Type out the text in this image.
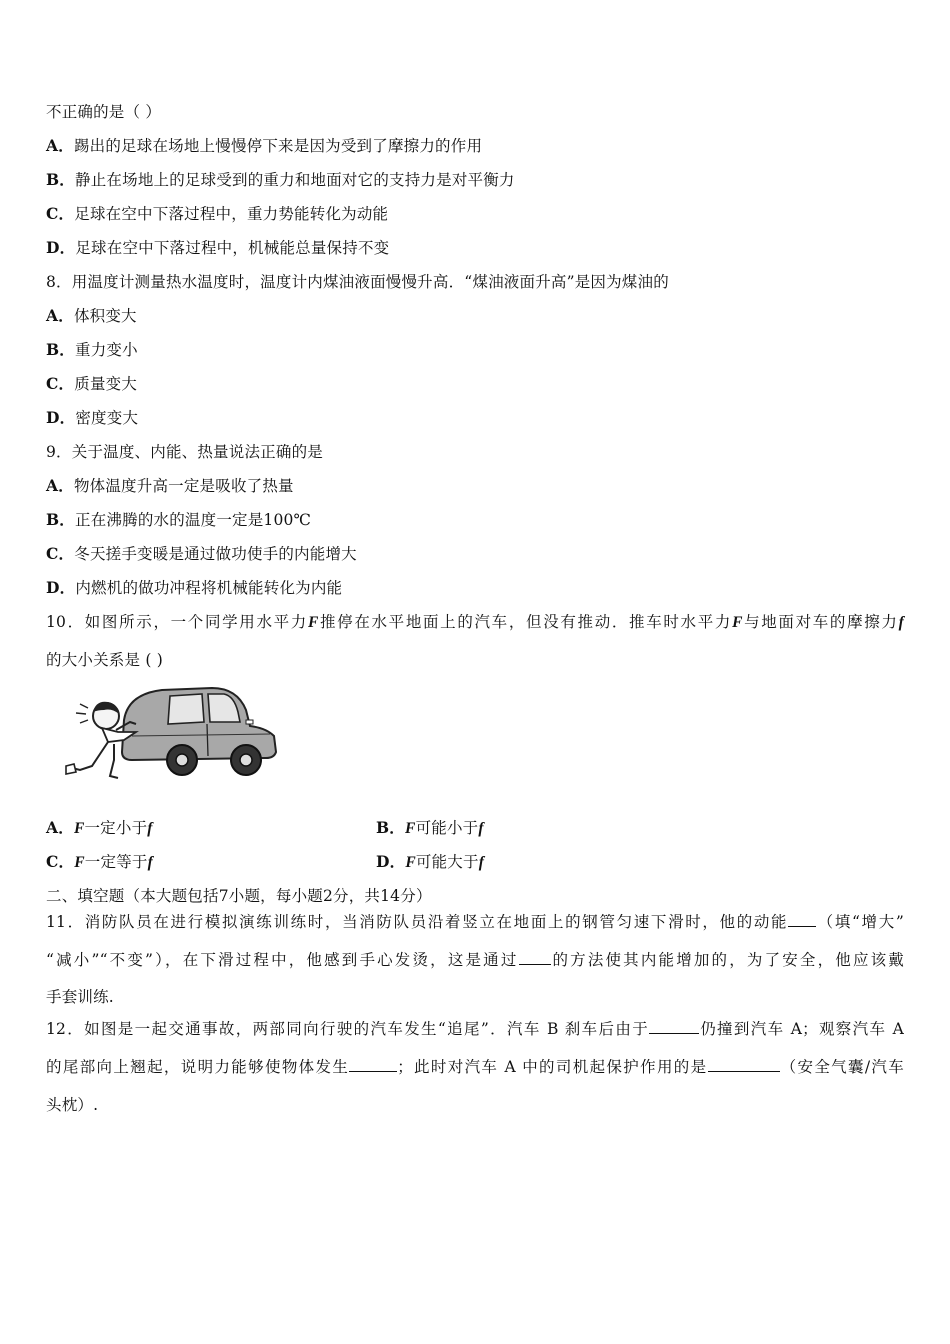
不正确的是（ ）
A．踢出的足球在场地上慢慢停下来是因为受到了摩擦力的作用
B．静止在场地上的足球受到的重力和地面对它的支持力是对平衡力
C．足球在空中下落过程中，重力势能转化为动能
D．足球在空中下落过程中，机械能总量保持不变
8．用温度计测量热水温度时，温度计内煤油液面慢慢升高．“煤油液面升高”是因为煤油的
A．体积变大
B．重力变小
C．质量变大
D．密度变大
9．关于温度、内能、热量说法正确的是
A．物体温度升高一定是吸收了热量
B．正在沸腾的水的温度一定是100℃
C．冬天搓手变暖是通过做功使手的内能增大
D．内燃机的做功冲程将机械能转化为内能
10．如图所示，一个同学用水平力F推停在水平地面上的汽车，但没有推动．推车时水平力F与地面对车的摩擦力f
的大小关系是 ( )
A．F一定小于f	B．F可能小于f
C．F一定等于f	D．F可能大于f
二、填空题（本大题包括7小题，每小题2分，共14分）
11．消防队员在进行模拟演练训练时，当消防队员沿着竖立在地面上的钢管匀速下滑时，他的动能 （填“增大”
“减小”“不变”），在下滑过程中，他感到手心发烫，这是通过 的方法使其内能增加的，为了安全，他应该戴
手套训练.
12．如图是一起交通事故，两部同向行驶的汽车发生“追尾”．汽车 B 刹车后由于	仍撞到汽车 A；观察汽车 A
的尾部向上翘起，说明力能够使物体发生	；此时对汽车 A 中的司机起保护作用的是	（安全气囊/汽车
头枕）.
